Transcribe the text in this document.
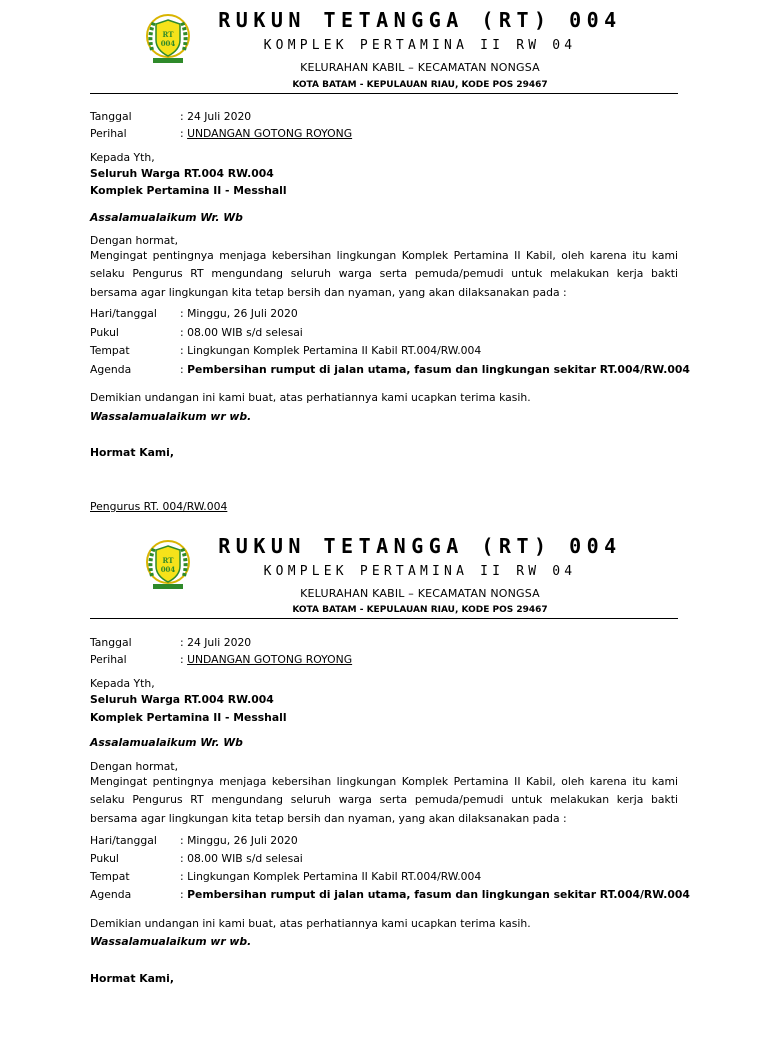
RT
004
RUKUN TETANGGA (RT) 004
KOMPLEK PERTAMINA II RW 04
KELURAHAN KABIL – KECAMATAN NONGSA
KOTA BATAM - KEPULAUAN RIAU, KODE POS 29467
Tanggal	: 24 Juli 2020
Perihal	: UNDANGAN GOTONG ROYONG
Kepada Yth,
Seluruh Warga RT.004 RW.004
Komplek Pertamina II - Messhall
Assalamualaikum Wr. Wb
Dengan hormat,
Mengingat pentingnya menjaga kebersihan lingkungan Komplek Pertamina II Kabil, oleh karena itu kami selaku Pengurus RT mengundang seluruh warga serta pemuda/pemudi untuk melakukan kerja bakti bersama agar lingkungan kita tetap bersih dan nyaman, yang akan dilaksanakan pada :
Hari/tanggal : Minggu, 26 Juli 2020
Pukul	: 08.00 WIB s/d selesai
Tempat	: Lingkungan Komplek Pertamina II Kabil RT.004/RW.004
Agenda	: Pembersihan rumput di jalan utama, fasum dan lingkungan sekitar RT.004/RW.004
Demikian undangan ini kami buat, atas perhatiannya kami ucapkan terima kasih.
Wassalamualaikum wr wb.
Hormat Kami,
Pengurus RT. 004/RW.004
RT
004
RUKUN TETANGGA (RT) 004
KOMPLEK PERTAMINA II RW 04
KELURAHAN KABIL – KECAMATAN NONGSA
KOTA BATAM - KEPULAUAN RIAU, KODE POS 29467
Tanggal	: 24 Juli 2020
Perihal	: UNDANGAN GOTONG ROYONG
Kepada Yth,
Seluruh Warga RT.004 RW.004
Komplek Pertamina II - Messhall
Assalamualaikum Wr. Wb
Dengan hormat,
Mengingat pentingnya menjaga kebersihan lingkungan Komplek Pertamina II Kabil, oleh karena itu kami selaku Pengurus RT mengundang seluruh warga serta pemuda/pemudi untuk melakukan kerja bakti bersama agar lingkungan kita tetap bersih dan nyaman, yang akan dilaksanakan pada :
Hari/tanggal : Minggu, 26 Juli 2020
Pukul	: 08.00 WIB s/d selesai
Tempat	: Lingkungan Komplek Pertamina II Kabil RT.004/RW.004
Agenda	: Pembersihan rumput di jalan utama, fasum dan lingkungan sekitar RT.004/RW.004
Demikian undangan ini kami buat, atas perhatiannya kami ucapkan terima kasih.
Wassalamualaikum wr wb.
Hormat Kami,
